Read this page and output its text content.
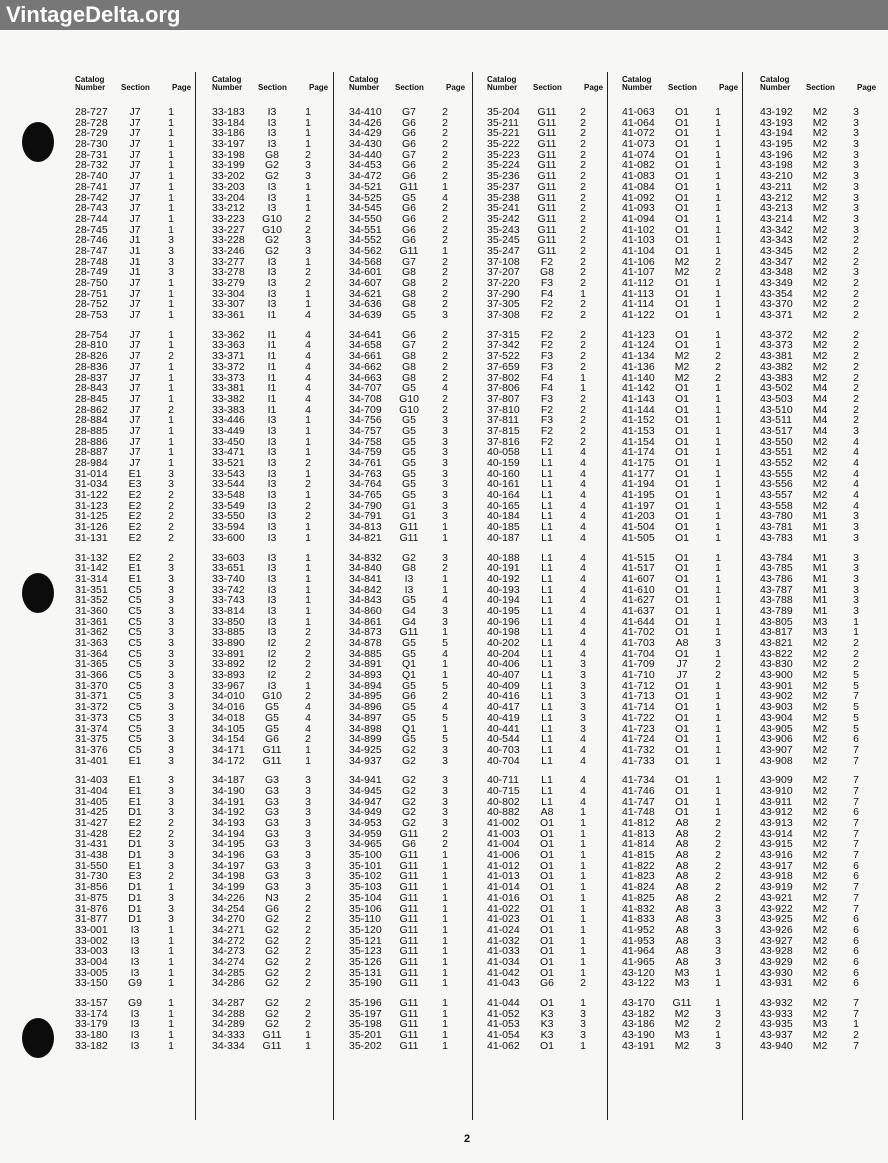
VintageDelta.org
Catalog Number	Section	Page
28-727	J7	1
28-728	J7	1
28-729	J7	1
28-730	J7	1
28-731	J7	1
28-732	J7	1
28-740	J7	1
28-741	J7	1
28-742	J7	1
28-743	J7	1
28-744	J7	1
28-745	J7	1
28-746	J1	3
28-747	J1	3
28-748	J1	3
28-749	J1	3
28-750	J7	1
28-751	J7	1
28-752	J7	1
28-753	J7	1
28-754	J7	1
28-810	J7	1
28-826	J7	2
28-836	J7	1
28-837	J7	1
28-843	J7	1
28-845	J7	1
28-862	J7	2
28-884	J7	1
28-885	J7	1
28-886	J7	1
28-887	J7	1
28-984	J7	1
31-014	E1	3
31-034	E3	3
31-122	E2	2
31-123	E2	2
31-125	E2	2
31-126	E2	2
31-131	E2	2
31-132	E2	2
31-142	E1	3
31-314	E1	3
31-351	C5	3
31-352	C5	3
31-360	C5	3
31-361	C5	3
31-362	C5	3
31-363	C5	3
31-364	C5	3
31-365	C5	3
31-366	C5	3
31-370	C5	3
31-371	C5	3
31-372	C5	3
31-373	C5	3
31-374	C5	3
31-375	C5	3
31-376	C5	3
31-401	E1	3
31-403	E1	3
31-404	E1	3
31-405	E1	3
31-425	D1	3
31-427	E2	2
31-428	E2	2
31-431	D1	3
31-438	D1	3
31-550	E1	3
31-730	E3	2
31-856	D1	1
31-875	D1	3
31-876	D1	3
31-877	D1	3
33-001	I3	1
33-002	I3	1
33-003	I3	1
33-004	I3	1
33-005	I3	1
33-150	G9	1
33-157	G9	1
33-174	I3	1
33-179	I3	1
33-180	I3	1
33-182	I3	1
Catalog Number	Section	Page
33-183	I3	1
33-184	I3	1
33-186	I3	1
33-197	I3	1
33-198	G8	2
33-199	G2	3
33-202	G2	3
33-203	I3	1
33-204	I3	1
33-212	I3	1
33-223	G10	2
33-227	G10	2
33-228	G2	3
33-246	G2	3
33-277	I3	1
33-278	I3	2
33-279	I3	2
33-304	I3	1
33-307	I3	1
33-361	I1	4
33-362	I1	4
33-363	I1	4
33-371	I1	4
33-372	I1	4
33-373	I1	4
33-381	I1	4
33-382	I1	4
33-383	I1	4
33-446	I3	1
33-449	I3	1
33-450	I3	1
33-471	I3	1
33-521	I3	2
33-543	I3	1
33-544	I3	2
33-548	I3	1
33-549	I3	2
33-550	I3	2
33-594	I3	1
33-600	I3	1
33-603	I3	1
33-651	I3	1
33-740	I3	1
33-742	I3	1
33-743	I3	1
33-814	I3	1
33-850	I3	1
33-885	I3	2
33-890	I2	2
33-891	I2	2
33-892	I2	2
33-893	I2	2
33-967	I3	1
34-010	G10	2
34-016	G5	4
34-018	G5	4
34-105	G5	4
34-154	G6	2
34-171	G11	1
34-172	G11	1
34-187	G3	3
34-190	G3	3
34-191	G3	3
34-192	G3	3
34-193	G3	3
34-194	G3	3
34-195	G3	3
34-196	G3	3
34-197	G3	3
34-198	G3	3
34-199	G3	3
34-226	N3	2
34-254	G6	2
34-270	G2	2
34-271	G2	2
34-272	G2	2
34-273	G2	2
34-274	G2	2
34-285	G2	2
34-286	G2	2
34-287	G2	2
34-288	G2	2
34-289	G2	2
34-333	G11	1
34-334	G11	1
Catalog Number	Section	Page
34-410	G7	2
34-426	G6	2
34-429	G6	2
34-430	G6	2
34-440	G7	2
34-453	G6	2
34-472	G6	2
34-521	G11	1
34-525	G5	4
34-545	G6	2
34-550	G6	2
34-551	G6	2
34-552	G6	2
34-562	G11	1
34-568	G7	2
34-601	G8	2
34-607	G8	2
34-621	G8	2
34-636	G8	2
34-639	G5	3
34-641	G6	2
34-658	G7	2
34-661	G8	2
34-662	G8	2
34-663	G8	2
34-707	G5	4
34-708	G10	2
34-709	G10	2
34-756	G5	3
34-757	G5	3
34-758	G5	3
34-759	G5	3
34-761	G5	3
34-763	G5	3
34-764	G5	3
34-765	G5	3
34-790	G1	3
34-791	G1	3
34-813	G11	1
34-821	G11	1
34-832	G2	3
34-840	G8	2
34-841	I3	1
34-842	I3	1
34-843	G5	4
34-860	G4	3
34-861	G4	3
34-873	G11	1
34-878	G5	5
34-885	G5	4
34-891	Q1	1
34-893	Q1	1
34-894	G5	5
34-895	G6	2
34-896	G5	4
34-897	G5	5
34-898	Q1	1
34-899	G5	5
34-925	G2	3
34-937	G2	3
34-941	G2	3
34-945	G2	3
34-947	G2	3
34-949	G2	3
34-953	G2	3
34-959	G11	2
34-965	G6	2
35-100	G11	1
35-101	G11	1
35-102	G11	1
35-103	G11	1
35-104	G11	1
35-106	G11	1
35-110	G11	1
35-120	G11	1
35-121	G11	1
35-123	G11	1
35-126	G11	1
35-131	G11	1
35-190	G11	1
35-196	G11	1
35-197	G11	1
35-198	G11	1
35-201	G11	1
35-202	G11	1
Catalog Number	Section	Page
35-204	G11	2
35-211	G11	2
35-221	G11	2
35-222	G11	2
35-223	G11	2
35-224	G11	2
35-236	G11	2
35-237	G11	2
35-238	G11	2
35-241	G11	2
35-242	G11	2
35-243	G11	2
35-245	G11	2
35-247	G11	2
37-108	F2	2
37-207	G8	2
37-220	F3	2
37-290	F4	1
37-305	F2	2
37-308	F2	2
37-315	F2	2
37-342	F2	2
37-522	F3	2
37-659	F3	2
37-802	F4	1
37-806	F4	1
37-807	F3	2
37-810	F2	2
37-811	F3	2
37-815	F2	2
37-816	F2	2
40-058	L1	4
40-159	L1	4
40-160	L1	4
40-161	L1	4
40-164	L1	4
40-165	L1	4
40-184	L1	4
40-185	L1	4
40-187	L1	4
40-188	L1	4
40-191	L1	4
40-192	L1	4
40-193	L1	4
40-194	L1	4
40-195	L1	4
40-196	L1	4
40-198	L1	4
40-202	L1	4
40-204	L1	4
40-406	L1	3
40-407	L1	3
40-409	L1	3
40-416	L1	3
40-417	L1	3
40-419	L1	3
40-441	L1	3
40-544	L1	4
40-703	L1	4
40-704	L1	4
40-711	L1	4
40-715	L1	4
40-802	L1	4
40-882	A8	1
41-002	O1	1
41-003	O1	1
41-004	O1	1
41-006	O1	1
41-012	O1	1
41-013	O1	1
41-014	O1	1
41-016	O1	1
41-022	O1	1
41-023	O1	1
41-024	O1	1
41-032	O1	1
41-033	O1	1
41-034	O1	1
41-042	O1	1
41-043	G6	2
41-044	O1	1
41-052	K3	3
41-053	K3	3
41-054	K3	3
41-062	O1	1
Catalog Number	Section	Page
41-063	O1	1
41-064	O1	1
41-072	O1	1
41-073	O1	1
41-074	O1	1
41-082	O1	1
41-083	O1	1
41-084	O1	1
41-092	O1	1
41-093	O1	1
41-094	O1	1
41-102	O1	1
41-103	O1	1
41-104	O1	1
41-106	M2	2
41-107	M2	2
41-112	O1	1
41-113	O1	1
41-114	O1	1
41-122	O1	1
41-123	O1	1
41-124	O1	1
41-134	M2	2
41-136	M2	2
41-140	M2	2
41-142	O1	1
41-143	O1	1
41-144	O1	1
41-152	O1	1
41-153	O1	1
41-154	O1	1
41-174	O1	1
41-175	O1	1
41-177	O1	1
41-194	O1	1
41-195	O1	1
41-197	O1	1
41-203	O1	1
41-504	O1	1
41-505	O1	1
41-515	O1	1
41-517	O1	1
41-607	O1	1
41-610	O1	1
41-627	O1	1
41-637	O1	1
41-644	O1	1
41-702	O1	1
41-703	A8	3
41-704	O1	1
41-709	J7	2
41-710	J7	2
41-712	O1	1
41-713	O1	1
41-714	O1	1
41-722	O1	1
41-723	O1	1
41-724	O1	1
41-732	O1	1
41-733	O1	1
41-734	O1	1
41-746	O1	1
41-747	O1	1
41-748	O1	1
41-812	A8	2
41-813	A8	2
41-814	A8	2
41-815	A8	2
41-822	A8	2
41-823	A8	2
41-824	A8	2
41-825	A8	2
41-832	A8	3
41-833	A8	3
41-952	A8	3
41-953	A8	3
41-964	A8	3
41-965	A8	3
43-120	M3	1
43-122	M3	1
43-170	G11	1
43-182	M2	3
43-186	M2	2
43-190	M3	1
43-191	M2	3
Catalog Number	Section	Page
43-192	M2	3
43-193	M2	3
43-194	M2	3
43-195	M2	3
43-196	M2	3
43-198	M2	3
43-210	M2	3
43-211	M2	3
43-212	M2	3
43-213	M2	3
43-214	M2	3
43-342	M2	3
43-343	M2	2
43-345	M2	2
43-347	M2	2
43-348	M2	3
43-349	M2	2
43-354	M2	2
43-370	M2	2
43-371	M2	2
43-372	M2	2
43-373	M2	2
43-381	M2	2
43-382	M2	2
43-383	M2	2
43-502	M4	2
43-503	M4	2
43-510	M4	2
43-511	M4	2
43-517	M4	3
43-550	M2	4
43-551	M2	4
43-552	M2	4
43-555	M2	4
43-556	M2	4
43-557	M2	4
43-558	M2	4
43-780	M1	3
43-781	M1	3
43-783	M1	3
43-784	M1	3
43-785	M1	3
43-786	M1	3
43-787	M1	3
43-788	M1	3
43-789	M1	3
43-805	M3	1
43-817	M3	1
43-821	M2	2
43-822	M2	2
43-830	M2	2
43-900	M2	5
43-901	M2	5
43-902	M2	7
43-903	M2	5
43-904	M2	5
43-905	M2	5
43-906	M2	6
43-907	M2	7
43-908	M2	7
43-909	M2	7
43-910	M2	7
43-911	M2	7
43-912	M2	6
43-913	M2	7
43-914	M2	7
43-915	M2	7
43-916	M2	7
43-917	M2	6
43-918	M2	6
43-919	M2	7
43-921	M2	7
43-922	M2	7
43-925	M2	6
43-926	M2	6
43-927	M2	6
43-928	M2	6
43-929	M2	6
43-930	M2	6
43-931	M2	6
43-932	M2	7
43-933	M2	7
43-935	M3	1
43-937	M2	2
43-940	M2	7
2
